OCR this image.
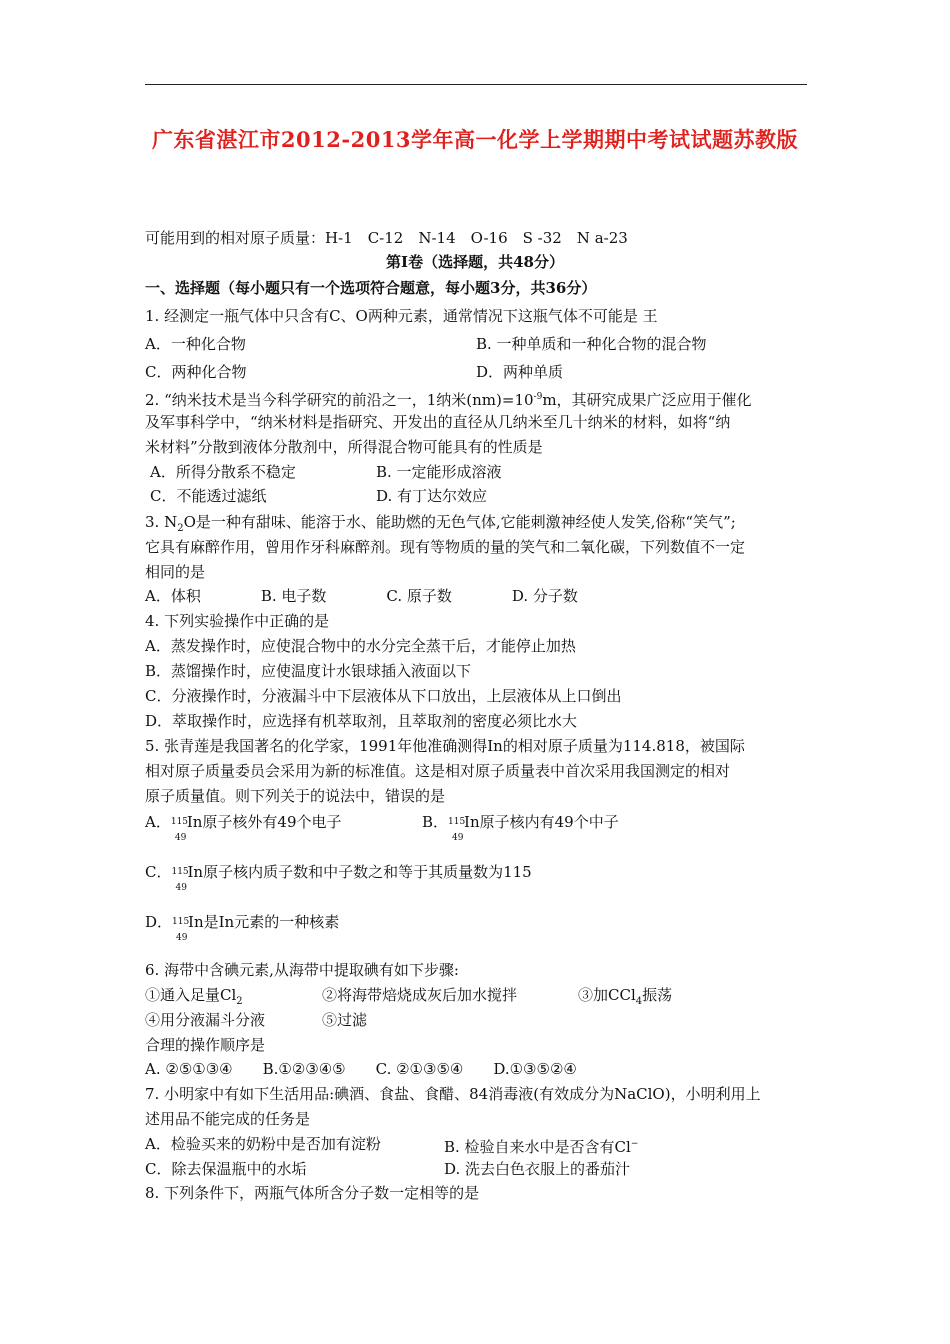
广东省湛江市2012-2013学年高一化学上学期期中考试试题苏教版
可能用到的相对原子质量：H-1　C-12　N-14　O-16　S -32　N a-23
第Ⅰ卷（选择题，共48分）
一、选择题（每小题只有一个选项符合题意，每小题3分，共36分）
1. 经测定一瓶气体中只含有C、O两种元素，通常情况下这瓶气体不可能是 王
A．一种化合物	B. 一种单质和一种化合物的混合物
C．两种化合物	D．两种单质
2. “纳米技术是当今科学研究的前沿之一，1纳米$(nm)=10^{-9}m$，其研究成果广泛应用于催化
及军事科学中，“纳米材料是指研究、开发出的直径从几纳米至几十纳米的材料，如将“纳
米材料”分散到液体分散剂中，所得混合物可能具有的性质是
A．所得分散系不稳定	B. 一定能形成溶液
C．不能透过滤纸	D. 有丁达尔效应
3. $N_2O$是一种有甜味、能溶于水、能助燃的无色气体,它能刺激神经使人发笑,俗称“笑气”;
它具有麻醉作用，曾用作牙科麻醉剂。现有等物质的量的笑气和二氧化碳，下列数值不一定
相同的是
A．体积　　　　B. 电子数　　　　C. 原子数　　　　D. 分子数
4. 下列实验操作中正确的是
A．蒸发操作时，应使混合物中的水分完全蒸干后，才能停止加热
B．蒸馏操作时，应使温度计水银球插入液面以下
C．分液操作时，分液漏斗中下层液体从下口放出，上层液体从上口倒出
D．萃取操作时，应选择有机萃取剂，且萃取剂的密度必须比水大
5. 张青莲是我国著名的化学家，1991年他准确测得In的相对原子质量为114.818，被国际
相对原子质量委员会采用为新的标准值。这是相对原子质量表中首次采用我国测定的相对
原子质量值。则下列关于的说法中，错误的是
A． 115
49
In原子核外有49个电子	B． 115
49
In原子核内有49个中子
C． 115
49
In原子核内质子数和中子数之和等于其质量数为115
D． 115
49
In是In元素的一种核素
6. 海带中含碘元素,从海带中提取碘有如下步骤:
①通入足量$Cl_2$	②将海带焙烧成灰后加水搅拌	③加CCl$_4$振荡
④用分液漏斗分液	⑤过滤
合理的操作顺序是
A. ②⑤①③④　　B.①②③④⑤　　C. ②①③⑤④　　D.①③⑤②④
7. 小明家中有如下生活用品:碘酒、食盐、食醋、84消毒液(有效成分为NaClO)，小明利用上
述用品不能完成的任务是
A．检验买来的奶粉中是否加有淀粉	B. 检验自来水中是否含有Cl−
C．除去保温瓶中的水垢	D. 洗去白色衣服上的番茄汁
8. 下列条件下，两瓶气体所含分子数一定相等的是
